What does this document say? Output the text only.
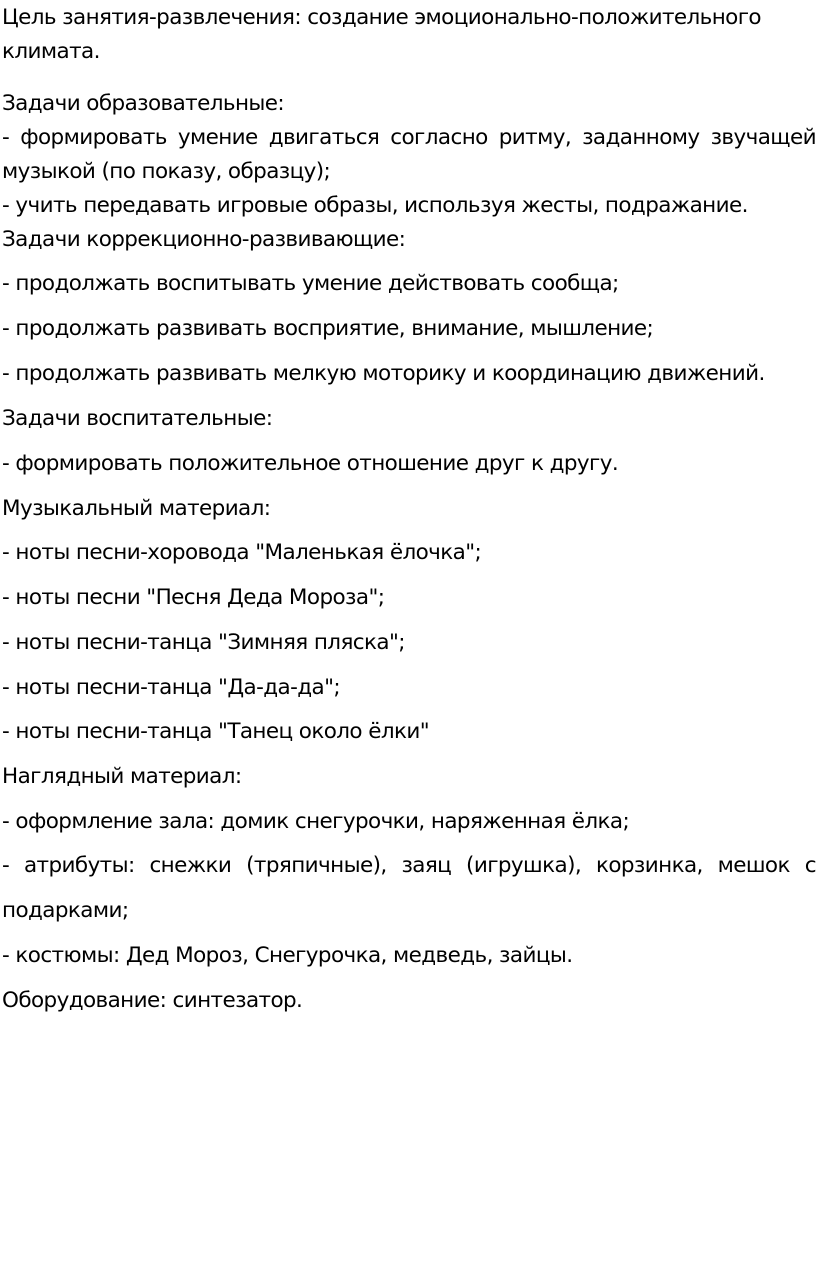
Цель занятия-развлечения: создание эмоционально-положительного
климата.
Задачи образовательные:
- формировать умение двигаться согласно ритму, заданному звучащей
музыкой (по показу, образцу);
- учить передавать игровые образы, используя жесты, подражание.
Задачи коррекционно-развивающие:
- продолжать воспитывать умение действовать сообща;
- продолжать развивать восприятие, внимание, мышление;
- продолжать развивать мелкую моторику и координацию движений.
Задачи воспитательные:
- формировать положительное отношение друг к другу.
Музыкальный материал:
- ноты песни-хоровода "Маленькая ёлочка";
- ноты песни "Песня Деда Мороза";
- ноты песни-танца "Зимняя пляска";
- ноты песни-танца "Да-да-да";
- ноты песни-танца "Танец около ёлки"
Наглядный материал:
- оформление зала: домик снегурочки, наряженная ёлка;
- атрибуты: снежки (тряпичные), заяц (игрушка), корзинка, мешок с
подарками;
- костюмы: Дед Мороз, Снегурочка, медведь, зайцы.
Оборудование: синтезатор.
